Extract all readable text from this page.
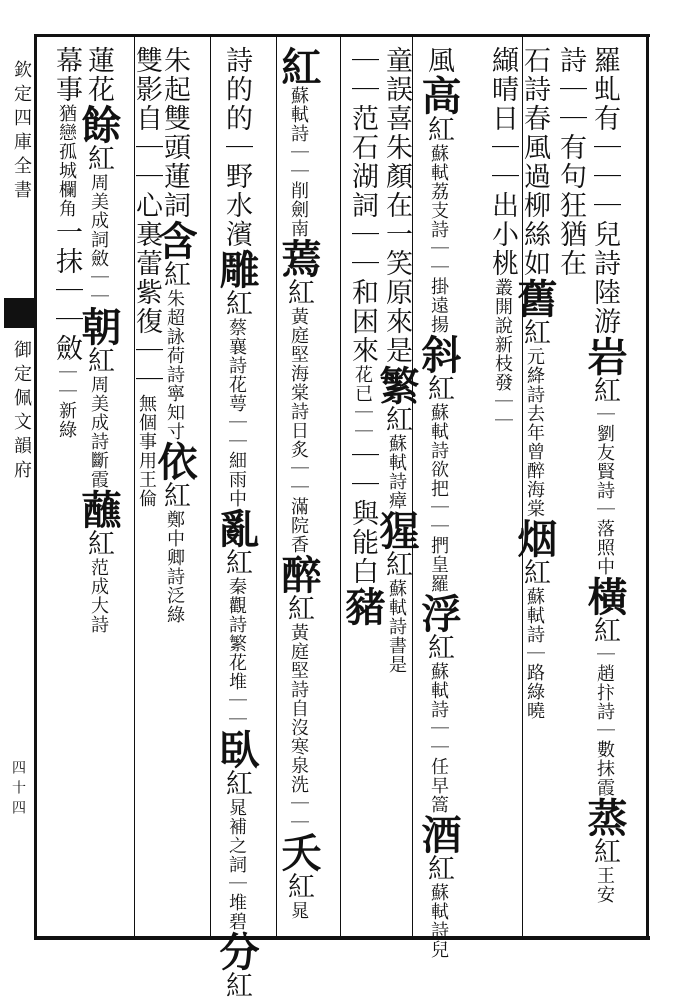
欽定四庫全書
御定佩文韻府
四十四
羅虬有｜｜｜兒詩陸游岩紅｜劉友賢詩｜落照中橫紅｜趙抃詩｜數抹霞蒸紅王安
詩｜｜有句狂猶在
石詩春風過柳絲如舊紅元絳詩去年曾醉海棠烟紅蘇軾詩｜路綠曉
纈晴日｜｜出小桃叢開說新枝發｜｜
風高紅蘇軾荔支詩｜｜掛遠揚斜紅蘇軾詩欲把｜｜捫皇羅浮紅蘇軾詩｜｜任早篙酒紅蘇軾詩兒
童誤喜朱顏在一笑原來是繁紅蘇軾詩瘴猩紅蘇軾詩書是
｜｜范石湖詞｜｜和困來花已｜｜｜｜與能白豬
紅蘇軾詩｜｜削劍南蔫紅黃庭堅海棠詩日炙｜｜滿院香醉紅黃庭堅詩自沒寒泉洗｜｜夭紅晁
詩的的｜野水濱雕紅蔡襄詩花萼｜｜細雨中亂紅秦觀詩繁花堆｜｜臥紅晁補之詞｜堆碧分紅
朱起雙頭蓮詞含紅朱超詠荷詩寧知寸依紅鄭中卿詩泛綠
雙影自｜｜心裏蕾紫復｜｜無個事用王倫
蓮花餘紅周美成詞斂｜｜朝紅周美成詩斷霞蘸紅范成大詩
幕事猶戀孤城欄角一抹｜｜斂｜｜新綠
